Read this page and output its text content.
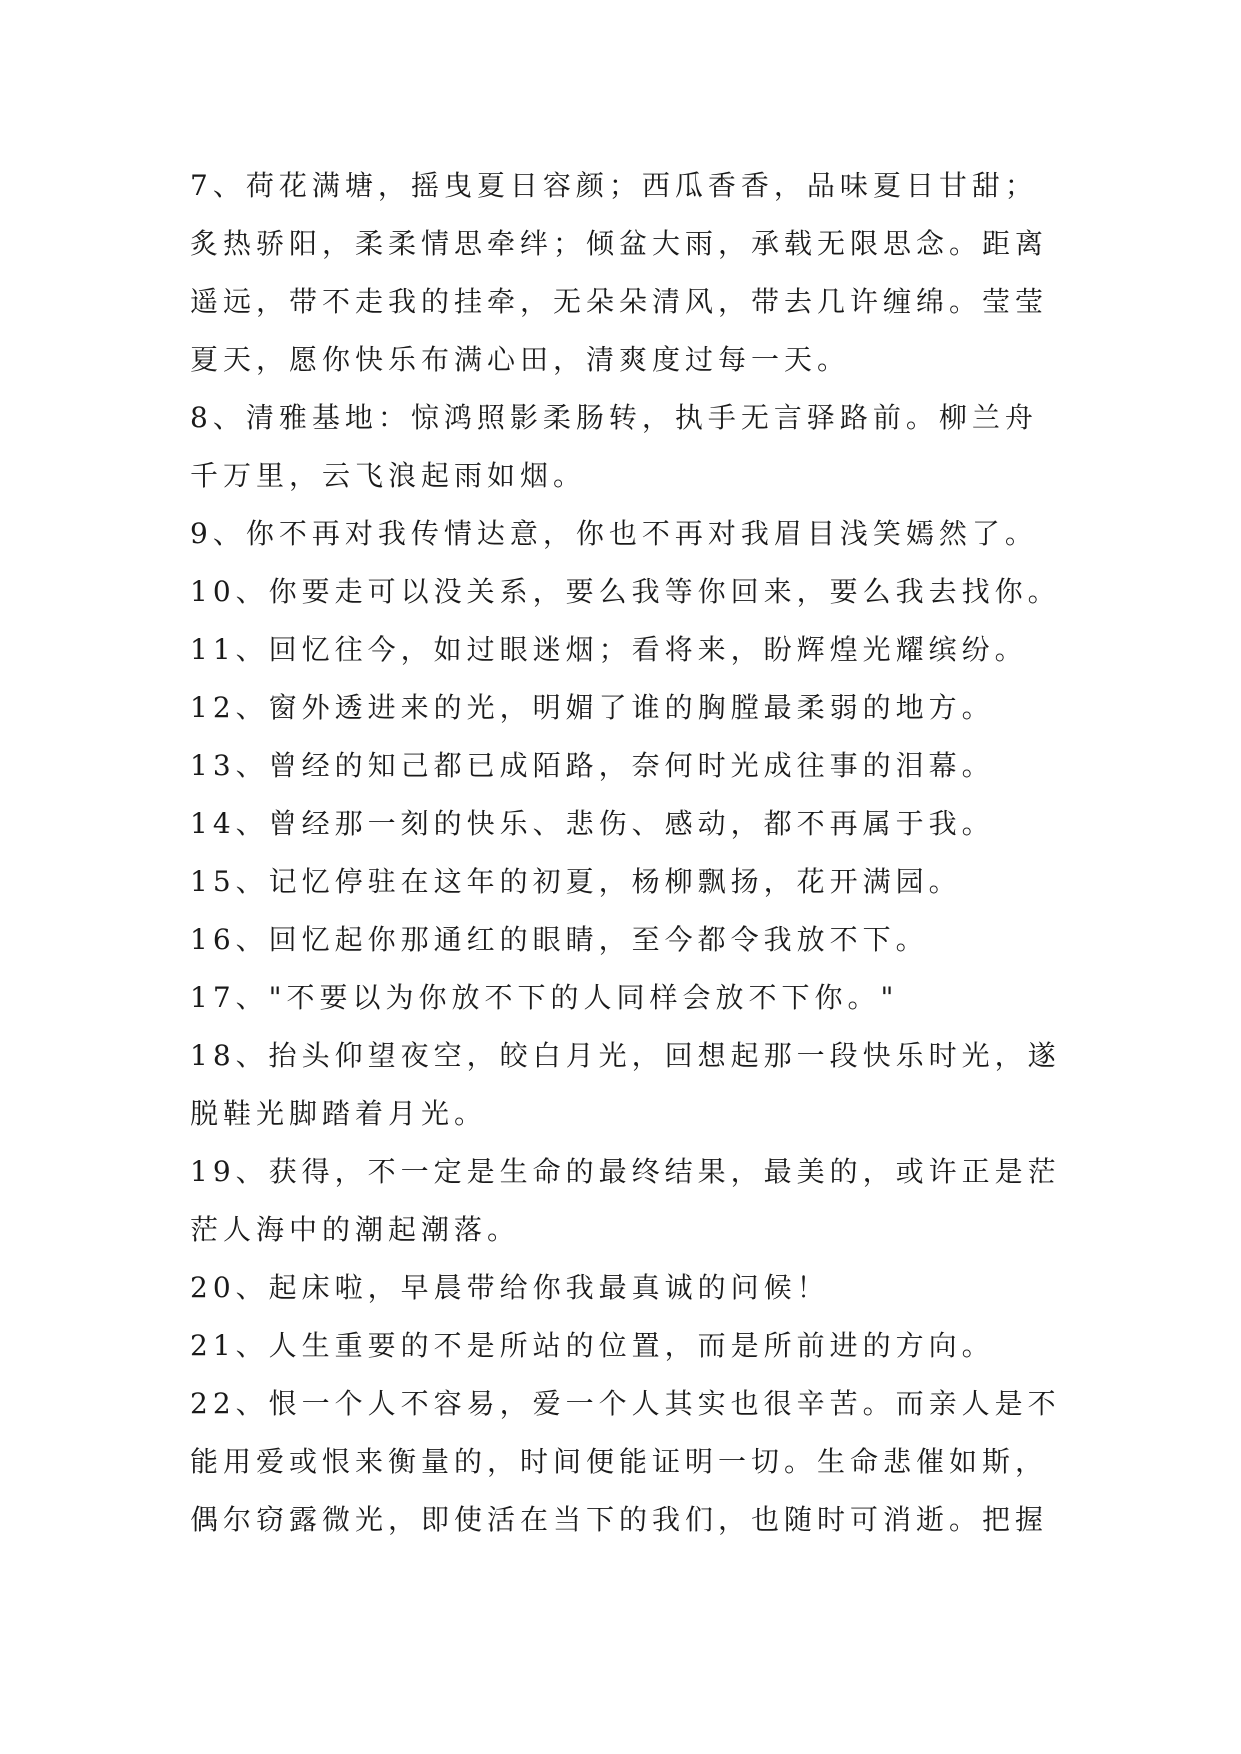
7、荷花满塘，摇曳夏日容颜；西瓜香香，品味夏日甘甜；
炙热骄阳，柔柔情思牵绊；倾盆大雨，承载无限思念。距离
遥远，带不走我的挂牵，无朵朵清风，带去几许缠绵。莹莹
夏天，愿你快乐布满心田，清爽度过每一天。
8、清雅基地：惊鸿照影柔肠转，执手无言驿路前。柳兰舟
千万里，云飞浪起雨如烟。
9、你不再对我传情达意，你也不再对我眉目浅笑嫣然了。
10、你要走可以没关系，要么我等你回来，要么我去找你。
11、回忆往今，如过眼迷烟；看将来，盼辉煌光耀缤纷。
12、窗外透进来的光，明媚了谁的胸膛最柔弱的地方。
13、曾经的知己都已成陌路，奈何时光成往事的泪幕。
14、曾经那一刻的快乐、悲伤、感动，都不再属于我。
15、记忆停驻在这年的初夏，杨柳飘扬，花开满园。
16、回忆起你那通红的眼睛，至今都令我放不下。
17、"不要以为你放不下的人同样会放不下你。"
18、抬头仰望夜空，皎白月光，回想起那一段快乐时光，遂
脱鞋光脚踏着月光。
19、获得，不一定是生命的最终结果，最美的，或许正是茫
茫人海中的潮起潮落。
20、起床啦，早晨带给你我最真诚的问候！
21、人生重要的不是所站的位置，而是所前进的方向。
22、恨一个人不容易，爱一个人其实也很辛苦。而亲人是不
能用爱或恨来衡量的，时间便能证明一切。生命悲催如斯，
偶尔窃露微光，即使活在当下的我们，也随时可消逝。把握
